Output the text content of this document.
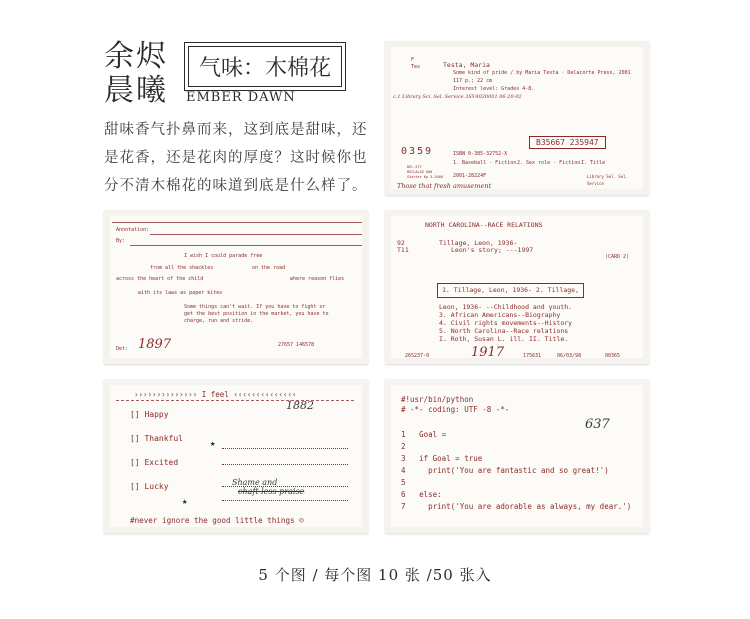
余烬
晨曦
气味：木棉花
EMBER DAWN
甜味香气扑鼻而来，这到底是甜味，还
是花香，还是花肉的厚度？这时候你也
分不清木棉花的味道到底是什么样了。
F
Tes	Testa, Maria
Some kind of pride / by Maria Testa · Delacorte Press, 2001
117 p.; 22 cm
Interest level: Grades 4-8.
c.1 Library Sci. Sel. Service 3SV4020001 06-20-02
B35667 235947
0359
DEL-STY
BSCLALSG 000
Starter Kp 3-2008
ISBN 0-385-32752-X
1. Baseball · Fiction 2. Sex role · Fiction I. Title
2001-28224F	Library Sel. Sel. Service
Those that fresh amusement
Annotation:
By:
I wish I could parade free
from all the shackles	on the road
across the heart of the child	where reason flies
with its laws as paper kites
Some things can't wait. If you have to fight or
get the best position in the market, you have to
charge, run and stride.
Det: 1897	27657 146578
NORTH CAROLINA--RACE RELATIONS
92
T11
Tillage, Leon, 1936-
Leon's story; ---1997
(CARD 2)
1. Tillage, Leon, 1936- 2. Tillage,
Leon, 1936- --Childhood and youth.
3. African Americans--Biography
4. Civil rights movements--History
5. North Carolina--Race relations
I. Roth, Susan L. ill. II. Title.
265237·0	1917	175631	06/03/98	00365
›››››››››››››› I feel ‹‹‹‹‹‹‹‹‹‹‹‹‹‹
1882
[] Happy
[] Thankful
[] Excited
[] Lucky
★
Shame and
chaft less praise
★
#never ignore the good little things ☺
#!usr/bin/python
# -*- coding: UTF -8 -*-
637
1 Goal =
2
3 if Goal = true
4     print('You are fantastic and so great!')
5
6 else:
7     print('You are adorable as always, my dear.')
5 个图 / 每个图 10 张 /50 张入
